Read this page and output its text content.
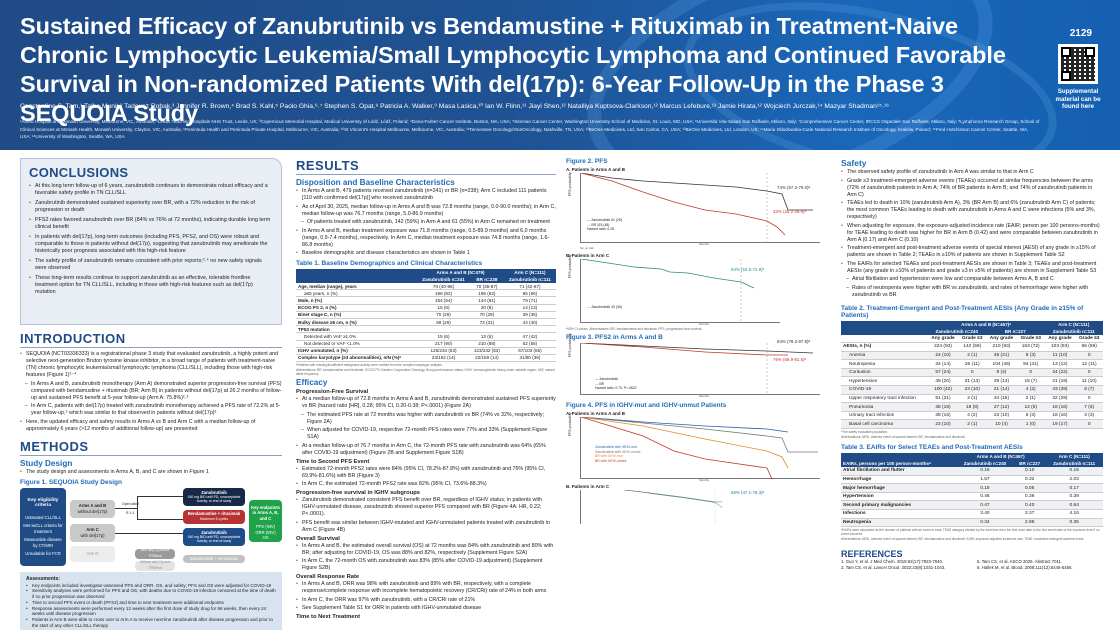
Sustained Efficacy of Zanubrutinib vs Bendamustine + Rituximab in Treatment-Naive Chronic Lymphocytic Leukemia/Small Lymphocytic Lymphoma and Continued Favorable Survival in Non-randomized Patients With del(17p): 6-Year Follow-Up in the Phase 3 SEQUOIA Study
Constantine S. Tam,¹ Talha Munir,² Tadeusz Robak,³ Jennifer R. Brown,⁴ Brad S. Kahl,⁵ Paolo Ghia,⁶˒⁷ Stephen S. Opat,⁸ Patricia A. Walker,⁹ Masa Lasica,¹⁰ Ian W. Flinn,¹¹ Jiayi Shen,¹² Natalliya Kuptsova-Clarkson,¹² Marcus Lefebure,¹³ Jamie Hirata,¹² Wojciech Jurczak,¹⁴ Mazyar Shadman¹⁵˒¹⁶
¹Alfred Hospital and Monash University, Melbourne, VIC, Australia; ²Leeds Teaching Hospitals NHS Trust, Leeds, UK; ³Copernicus Memorial Hospital, Medical University of Łódź, Łódź, Poland; ⁴Dana-Farber Cancer Institute, Boston, MA, USA; ⁵Siteman Cancer Center, Washington University School of Medicine, St. Louis, MO, USA; ⁶Università Vita-Salute San Raffaele, Milano, Italy; ⁷Comprehensive Cancer Center, IRCCS Ospedale San Raffaele, Milano, Italy; ⁸Lymphoma Research Group, School of Clinical Sciences at Monash Health, Monash University, Clayton, VIC, Australia; ⁹Peninsula Health and Peninsula Private Hospital, Melbourne, VIC, Australia; ¹⁰St Vincent's Hospital Melbourne, Melbourne, VIC, Australia; ¹¹Tennessee Oncology/OneOncology, Nashville, TN, USA; ¹²BeOne Medicines, Ltd, San Carlos, CA, USA; ¹³BeOne Medicines, Ltd, London, UK; ¹⁴Maria Sklodowska-Curie National Research Institute of Oncology, Kraków, Poland; ¹⁵Fred Hutchinson Cancer Center, Seattle, WA, USA; ¹⁶University of Washington, Seattle, WA, USA
2129
Supplemental material can be found here
CONCLUSIONS
• At this long term follow-up of 6 years, zanubrutinib continues to demonstrate robust efficacy and a favorable safety profile in TN CLL/SLL
• Zanubrutinib demonstrated sustained superiority over BR, with a 72% reduction in the risk of progression or death
• PFS2 rates favored zanubrutinib over BR (84% vs 76% at 72 months), indicating durable long term clinical benefit
• In patients with del(17p), long-term outcomes (including PFS, PFS2, and OS) were robust and comparable to those in patients without del(17p), suggesting that zanubrutinib may ameliorate the historically poor prognosis associated with this high-risk feature
• The safety profile of zanubrutinib remains consistent with prior reports;²˒⁴ no new safety signals were observed
• These long-term results continue to support zanubrutinib as an effective, tolerable frontline treatment option for TN CLL/SLL, including in those with high-risk features such as del(17p) mutation
INTRODUCTION
• SEQUOIA (NCT03336333) is a registrational phase 3 study that evaluated zanubrutinib, a highly potent and selective next-generation Bruton tyrosine kinase inhibitor, in a broad range of patients with treatment-naive (TN) chronic lymphocytic leukemia/small lymphocytic lymphoma (CLL/SLL), including those with high-risk features (Figure 1)¹⁻⁴
– In Arms A and B, zanubrutinib monotherapy (Arm A) demonstrated superior progression-free survival (PFS) compared with bendamustine + rituximab (BR; Arm B) in patients without del(17p) at 26.2 months of follow-up and sustained PFS benefit at 5-year follow-up (Arm A: 75.8%)²˒³
– In Arm C, patients with del(17p) treated with zanubrutinib monotherapy achieved a PFS rate of 72.2% at 5-year follow-up,⁵ which was similar to that observed in patients without del(17p)³
• Here, the updated efficacy and safety results in Arms A vs B and Arm C with a median follow-up of approximately 6 years (>12 months of additional follow-up) are presented
METHODS
Study Design
• The study design and assessments in Arms A, B, and C are shown in Figure 1
Figure 1. SEQUOIA Study Design
Key eligibility criteria
Untreated CLL/SLL
Met iwCLL criteria for treatment
Measurable disease by CT/MRI
Unsuitable for FCR
Arms A and B
without del(17p)
Arm C
with del(17p)
Arm D
Open label
R 1:1
Zanubrutinib
160 mg BID until PD, unacceptable toxicity, or end of study
Bendamustine + rituximab
Maximum 6 cycles
Zanubrutinib
160 mg BID until PD, unacceptable toxicity, or end of study
With del(17p) and/or TP53mut
Without del(17p) and TP53mut
Zanubrutinib + venetoclax
Key endpoints in Arms A, B, and C
PFS (INV)
ORR (INV)
OS
Safety per CTCAE
Assessments:
• Key endpoints included investigator-assessed PFS and ORR, OS, and safety; PFS and OS were adjusted for COVID-19
• Sensitivity analyses were performed for PFS and OS, with deaths due to COVID-19 infection censored at the time of death if no prior progression was observed
• Time to second PFS event or death (PFS2) and time to next treatment were additional endpoints
• Response assessments were performed every 12 weeks after the first dose of study drug for 96 weeks, then every 24 weeks until disease progression
• Patients in Arm B were able to cross over to Arm A to receive next-line zanubrutinib after disease progression and prior to the start of any other CLL/SLL therapy
RESULTS
Disposition and Baseline Characteristics
• In Arms A and B, 479 patients received zanubrutinib (n=241) or BR (n=238); Arm C included 111 patients [110 with confirmed del(17p)] who received zanubrutinib
• As of April 30, 2025, median follow-up in Arms A and B was 72.8 months (range, 0.0-90.0 months); in Arm C, median follow-up was 76.7 months (range, 5.0-86.9 months)
– Of patients treated with zanubrutinib, 142 (59%) in Arm A and 61 (55%) in Arm C remained on treatment
• In Arms A and B, median treatment exposure was 71.8 months (range, 0.5-89.9 months) and 6.0 months (range, 0.9-7.4 months), respectively. In Arm C, median treatment exposure was 74.8 months (range, 1.6-86.8 months)
• Baseline demographic and disease characteristics are shown in Table 1
Table 1. Baseline Demographics and Clinical Characteristics
	Arms A and B (N=479)		Arm C (N=111)
	Zanubrutinib n=241	BR n=238	Zanubrutinib n=111
Age, median (range), years	70 (40-86)	70 (35-87)	71 (42-87)
≥65 years, n (%)	198 (82)	195 (82)	95 (86)
Male, n (%)	154 (64)	144 (61)	79 (71)
ECOG PS 2, n (%)	15 (6)	20 (8)	14 (13)
Binet stage C, n (%)	70 (29)	70 (29)	39 (35)
Bulky disease ≥5 cm, n (%)	69 (29)	73 (31)	44 (40)
TP53 mutation			
Detected with VAF ≥1.0%	15 (6)	13 (6)	47 (42)
Not detected or VAF <1.0%	217 (90)	210 (88)	62 (56)
IGHV unmutated, n (%)	125/234 (53)	123/232 (53)	67/103 (65)
Complex karyotype (≥3 abnormalities), n/N (%)ᵃ	23/162 (14)	22/159 (14)	31/80 (39)
ᵃPatients with missing/insufficient metaphase activity were omitted from the complex karyotype analysis.
Abbreviations: BR, bendamustine and rituximab; ECOG PS, Eastern Cooperative Oncology Group performance status; IGHV, immunoglobulin heavy-chain variable region; VAF, variant allele frequency.
Efficacy
Progression-Free Survival
• At a median follow-up of 72.8 months in Arms A and B, zanubrutinib demonstrated sustained PFS superiority vs BR (hazard ratio [HR], 0.28; 95% CI, 0.20-0.38; P<.0001) (Figure 2A)
– The estimated PFS rate at 72 months was higher with zanubrutinib vs BR (74% vs 32%, respectively; Figure 2A)
– When adjusted for COVID-19, respective 72-month PFS rates were 77% and 33% (Supplement Figure S1A)
• At a median follow-up of 76.7 months in Arm C, the 72-month PFS rate with zanubrutinib was 64% (65% after COVID-19 adjustment) (Figure 2B and Supplement Figure S1B)
Time to Second PFS Event
• Estimated 72-month PFS2 rates were 84% (95% CI, 78.2%-87.8%) with zanubrutinib and 76% (95% CI, 69.9%-81.6%) with BR (Figure 3)
• In Arm C, the estimated 72-month PFS2 rate was 82% (95% CI, 73.6%-88.3%)
Progression-free survival in IGHV subgroups
• Zanubrutinib demonstrated consistent PFS benefit over BR, regardless of IGHV status; in patients with IGHV-unmutated disease, zanubrutinib showed superior PFS compared with BR (Figure 4A: HR, 0.22; P<.0001).
• PFS benefit was similar between IGHV-mutated and IGHV-unmutated patients treated with zanubrutinib in Arm C (Figure 4B)
Overall Survival
• In Arms A and B, the estimated overall survival (OS) at 72 months was 84% with zanubrutinib and 80% with BR; after adjusting for COVID-19, OS was 88% and 82%, respectively (Supplement Figure S2A)
• In Arm C, the 72-month OS with zanubrutinib was 83% (85% after COVID-19 adjustment) (Supplement Figure S2B)
Overall Response Rate
• In Arms A and B, ORR was 98% with zanubrutinib and 89% with BR, respectively, with a complete response/complete response with incomplete hematopoietic recovery (CR/CRi) rate of 24% in both arms
• In Arm C, the ORR was 97% with zanubrutinib, with a CR/CRi rate of 21%
• See Supplement Table S1 for ORR in patients with IGHV-unmutated disease
Time to Next Treatment
Figure 2. PFS
A. Patients in Arms A and B
PFS probability	74% (67.2-79.0)ᵃ
32% (25.2-39.9)ᵃ
— Zanubrutinib 61 (25)
— BR 115 (48)
Hazard ratio: 0.28
Months
No. at risk
B. Patients in Arm C
PFS probability	64% (53.6-72.8)ᵃ
— Zanubrutinib 40 (36)
Months
ᵃ95% CI values. Abbreviations: BR, bendamustine and rituximab; PFS, progression-free survival.
Figure 3. PFS2 in Arms A and B
PFS probability	84% (78.2-87.8)ᵃ
76% (69.9-81.6)ᵃ
— Zanubrutinib
— BR
Hazard ratio: 0.70; P=.0622
Months
Figure 4. PFS in IGHV-mut and IGHV-unmut Patients
A. Patients in Arms A and B
PFS probability
Zanubrutinib with IGHV-mut
Zanubrutinib with IGHV-unmut
BR with IGHV-mut
BR with IGHV-unmut
Months
B. Patients in Arm C
65% (47.1-78.3)ᵃ
Safety
• The observed safety profile of zanubrutinib in Arm A was similar to that in Arm C
• Grade ≥3 treatment-emergent adverse events (TEAEs) occurred at similar frequencies between the arms (72% of zanubrutinib patients in Arm A; 74% of BR patients in Arm B; and 74% of zanubrutinib patients in Arm C)
• TEAEs led to death in 10% (zanubrutinib Arm A), 3% (BR Arm B) and 6% (zanubrutinib Arm C) of patients; the most common TEAEs leading to death with zanubrutinib in Arms A and C were infections (5% and 3%, respectively)
• When adjusting for exposure, the exposure-adjusted incidence rate (EAIR; person per 100 persons-months) for TEAE leading to death was higher for BR in Arm B (0.42) and were comparable between zanubrutinib in Arm A (0.17) and Arm C (0.10)
• Treatment-emergent and post-treatment adverse events of special interest (AESI) of any grade in ≥15% of patients are shown in Table 2; TEAEs in ≥10% of patients are shown in Supplement Table S2
• The EAIRs for selected TEAEs and post-treatment AESIs are shown in Table 3; TEAEs and post-treatment AESIs (any grade in ≥10% of patients and grade ≥3 in ≥5% of patients) are shown in Supplement Table S3
– Atrial fibrillation and hypertension were low and comparable between Arms A, B and C
– Rates of neutropenia were higher with BR vs zanubrutinib, and rates of hemorrhage were higher with zanubrutinib vs BR
Table 2. Treatment-Emergent and Post-Treatment AESIs (Any Grade in ≥15% of Patients)
	Arms A and B (N=467)ᵃ				Arm C (N=111)	
	Zanubrutinib n=240		BR n=227		Zanubrutinib n=111	
	Any grade	Grade ≥3	Any grade	Grade ≥3	Any grade	Grade ≥3
AESIs, n (%)	224 (93)	142 (59)	210 (93)	163 (72)	103 (93)	65 (59)
Anemia	24 (10)	2 (1)	48 (21)	6 (3)	11 (10)	0
Neutropenia	34 (14)	26 (11)	104 (46)	94 (41)	13 (12)	12 (11)
Contusion	57 (24)	0	9 (4)	0	24 (22)	0
Hypertension	49 (20)	31 (13)	29 (13)	15 (7)	21 (19)	11 (10)
COVID-19	100 (42)	23 (10)	21 (14)	4 (2)	43 (39)	8 (7)
Upper respiratory tract infection	51 (21)	2 (1)	34 (15)	2 (1)	32 (29)	0
Pneumonia	38 (16)	18 (8)	27 (12)	12 (5)	18 (16)	7 (6)
Urinary tract infection	38 (16)	4 (2)	23 (10)	6 (3)	18 (16)	3 (3)
Basal cell carcinoma	23 (10)	2 (1)	10 (4)	1 (0)	19 (17)	0
ᵃThe safety evaluable population.
Abbreviations: AESI, adverse event of special interest; BR, bendamustine and rituximab.
Table 3. EAIRs for Select TEAEs and Post-Treatment AESIs
	Arms A and B (N=467)		Arm C (N=111)
EAIRs, persons per 100 person-monthsᵃ	Zanubrutinib n=240	BR n=227	Zanubrutinib n=111
Atrial fibrillation and flutter	0.16	0.10	0.15
Hemorrhage	1.57	0.32	2.03
Major hemorrhage	0.18	0.05	0.17
Hypertension	0.46	0.36	0.38
Second primary malignancies	0.47	0.40	0.64
Infections	3.40	3.37	4.16
Neutropenia	0.34	2.95	0.35
ᵃEAIRs were calculated as the number of patients with an event in each TEAE category divided by the total time from the first dose date to the first event date or the exposure time if no event occurred.
Abbreviations: AESI, adverse event of special interest; BR, bendamustine and rituximab; EAIR, exposure-adjusted incidence rate; TEAE, treatment-emergent adverse event.
REFERENCES
1. Guo Y, et al. J Med Chem. 2019;62(17):7923-7940.
2. Tam CS, et al. Lancet Oncol. 2022;23(8):1031-1043.
5. Tam CS, et al. ASCO 2025. Abstract 7011.
6. Hallek M, et al. Blood. 2008;111(12):5446-5456.
